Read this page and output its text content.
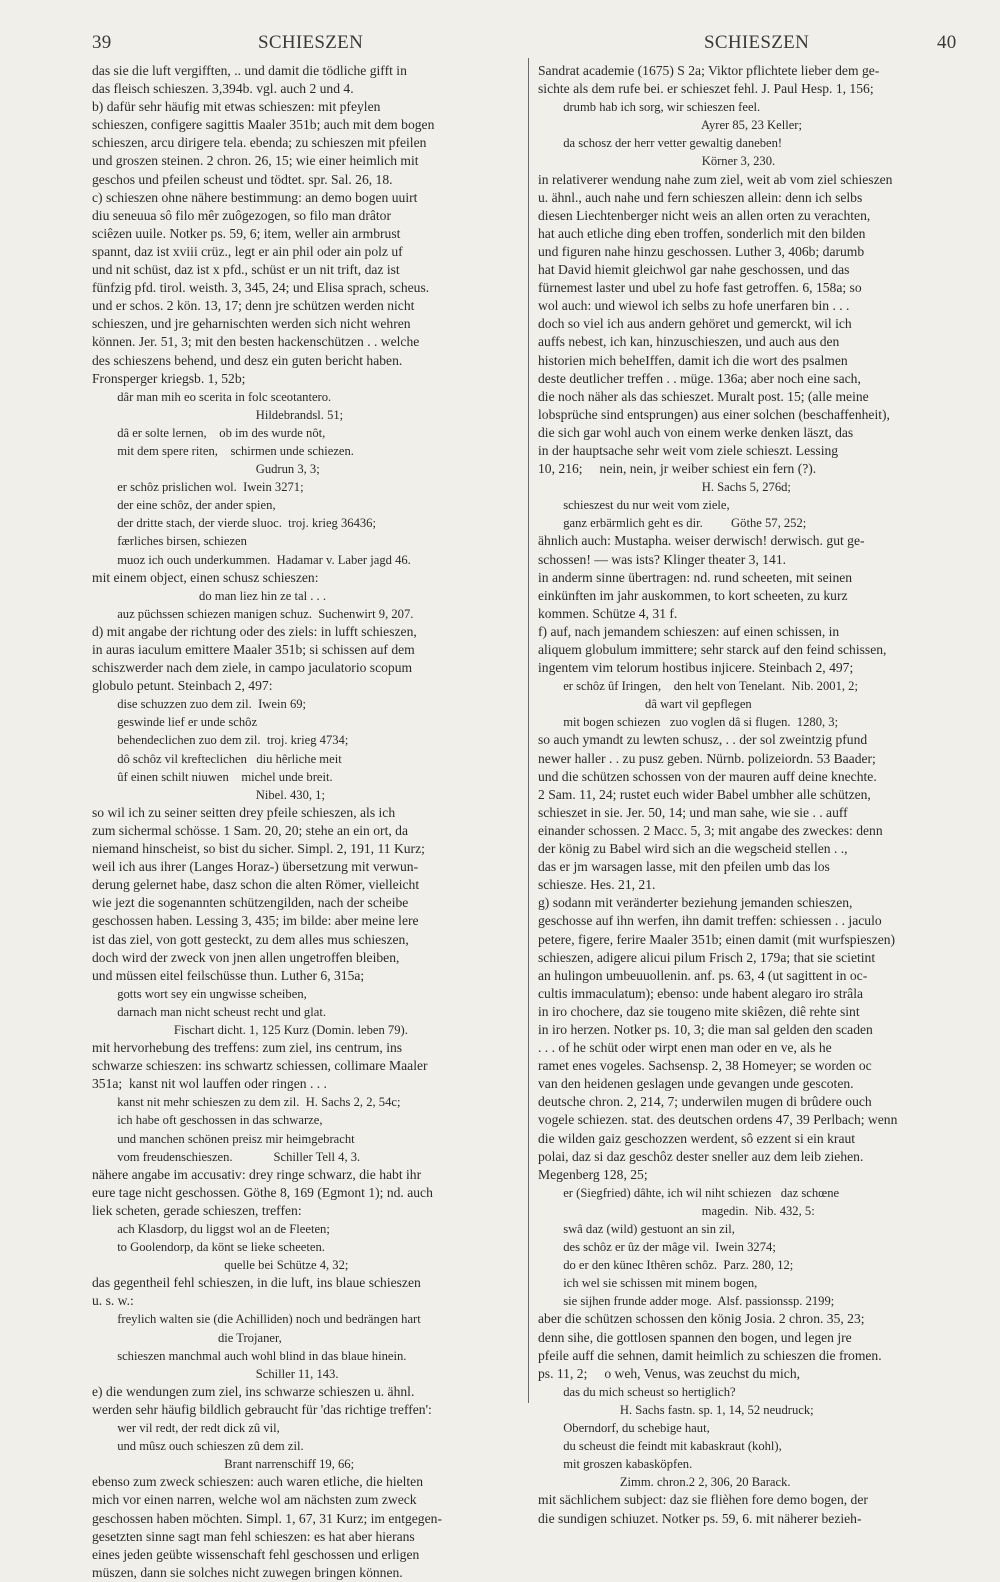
39	SCHIESZEN	SCHIESZEN	40
das sie die luft vergifften, .. und damit die tödliche gifft in
das fleisch schieszen. 3,394b. vgl. auch 2 und 4.
b) dafür sehr häufig mit etwas schieszen: mit pfeylen
schieszen, configere sagittis Maaler 351b; auch mit dem bogen
schieszen, arcu dirigere tela. ebenda; zu schieszen mit pfeilen
und groszen steinen. 2 chron. 26, 15; wie einer heimlich mit
geschos und pfeilen scheust und tödtet. spr. Sal. 26, 18.
c) schieszen ohne nähere bestimmung: an demo bogen uuirt
diu seneuua sô filo mêr zuôgezogen, so filo man drâtor
sciêzen uuile. Notker ps. 59, 6; item, weller ain armbrust
spannt, daz ist xviii crüz., legt er ain phil oder ain polz uf
und nit schüst, daz ist x pfd., schüst er un nit trift, daz ist
fünfzig pfd. tirol. weisth. 3, 345, 24; und Elisa sprach, scheus.
und er schos. 2 kön. 13, 17; denn jre schützen werden nicht
schieszen, und jre geharnischten werden sich nicht wehren
können. Jer. 51, 3; mit den besten hackenschützen . . welche
des schieszens behend, und desz ein guten bericht haben.
Fronsperger kriegsb. 1, 52b;
dâr man mih eo scerita in folc sceotantero.
Hildebrandsl. 51;
dâ er solte lernen,    ob im des wurde nôt,
mit dem spere riten,    schirmen unde schiezen.
Gudrun 3, 3;
er schôz prislichen wol.  Iwein 3271;
der eine schôz, der ander spien,
der dritte stach, der vierde sluoc.  troj. krieg 36436;
færliches birsen, schiezen
muoz ich ouch underkummen.  Hadamar v. Laber jagd 46.
mit einem object, einen schusz schieszen:
do man liez hin ze tal . . .
auz püchssen schiezen manigen schuz.  Suchenwirt 9, 207.
d) mit angabe der richtung oder des ziels: in lufft schieszen,
in auras iaculum emittere Maaler 351b; si schissen auf dem
schiszwerder nach dem ziele, in campo jaculatorio scopum
globulo petunt. Steinbach 2, 497:
dise schuzzen zuo dem zil.  Iwein 69;
geswinde lief er unde schôz
behendeclichen zuo dem zil.  troj. krieg 4734;
dô schôz vil krefteclichen   diu hêrliche meit
ûf einen schilt niuwen    michel unde breit.
Nibel. 430, 1;
so wil ich zu seiner seitten drey pfeile schieszen, als ich
zum sichermal schösse. 1 Sam. 20, 20; stehe an ein ort, da
niemand hinscheist, so bist du sicher. Simpl. 2, 191, 11 Kurz;
weil ich aus ihrer (Langes Horaz-) übersetzung mit verwun-
derung gelernet habe, dasz schon die alten Römer, vielleicht
wie jezt die sogenannten schützengilden, nach der scheibe
geschossen haben. Lessing 3, 435; im bilde: aber meine lere
ist das ziel, von gott gesteckt, zu dem alles mus schieszen,
doch wird der zweck von jnen allen ungetroffen bleiben,
und müssen eitel feilschüsse thun. Luther 6, 315a;
gotts wort sey ein ungwisse scheiben,
darnach man nicht scheust recht und glat.
Fischart dicht. 1, 125 Kurz (Domin. leben 79).
mit hervorhebung des treffens: zum ziel, ins centrum, ins
schwarze schieszen: ins schwartz schiessen, collimare Maaler
351a;  kanst nit wol lauffen oder ringen . . .
kanst nit mehr schieszen zu dem zil.  H. Sachs 2, 2, 54c;
ich habe oft geschossen in das schwarze,
und manchen schönen preisz mir heimgebracht
vom freudenschieszen.             Schiller Tell 4, 3.
nähere angabe im accusativ: drey ringe schwarz, die habt ihr
eure tage nicht geschossen. Göthe 8, 169 (Egmont 1); nd. auch
liek scheten, gerade schieszen, treffen:
ach Klasdorp, du liggst wol an de Fleeten;
to Goolendorp, da könt se lieke scheeten.
quelle bei Schütze 4, 32;
das gegentheil fehl schieszen, in die luft, ins blaue schieszen
u. s. w.:
freylich walten sie (die Achilliden) noch und bedrängen hart
die Trojaner,
schieszen manchmal auch wohl blind in das blaue hinein.
Schiller 11, 143.
e) die wendungen zum ziel, ins schwarze schieszen u. ähnl.
werden sehr häufig bildlich gebraucht für 'das richtige treffen':
wer vil redt, der redt dick zû vil,
und mûsz ouch schieszen zû dem zil.
Brant narrenschiff 19, 66;
ebenso zum zweck schieszen: auch waren etliche, die hielten
mich vor einen narren, welche wol am nächsten zum zweck
geschossen haben möchten. Simpl. 1, 67, 31 Kurz; im entgegen-
gesetzten sinne sagt man fehl schieszen: es hat aber hierans
eines jeden geübte wissenschaft fehl geschossen und erligen
müszen, dann sie solches nicht zuwegen bringen können.
Sandrat academie (1675) S 2a; Viktor pflichtete lieber dem ge-
sichte als dem rufe bei. er schieszet fehl. J. Paul Hesp. 1, 156;
drumb hab ich sorg, wir schieszen feel.
Ayrer 85, 23 Keller;
da schosz der herr vetter gewaltig daneben!
Körner 3, 230.
in relativerer wendung nahe zum ziel, weit ab vom ziel schieszen
u. ähnl., auch nahe und fern schieszen allein: denn ich selbs
diesen Liechtenberger nicht weis an allen orten zu verachten,
hat auch etliche ding eben troffen, sonderlich mit den bilden
und figuren nahe hinzu geschossen. Luther 3, 406b; darumb
hat David hiemit gleichwol gar nahe geschossen, und das
fürnemest laster und ubel zu hofe fast getroffen. 6, 158a; so
wol auch: und wiewol ich selbs zu hofe unerfaren bin . . .
doch so viel ich aus andern gehöret und gemerckt, wil ich
auffs nebest, ich kan, hinzuschieszen, und auch aus den
historien mich beheIffen, damit ich die wort des psalmen
deste deutlicher treffen . . müge. 136a; aber noch eine sach,
die noch näher als das schieszet. Muralt post. 15; (alle meine
lobsprüche sind entsprungen) aus einer solchen (beschaffenheit),
die sich gar wohl auch von einem werke denken läszt, das
in der hauptsache sehr weit vom ziele schieszt. Lessing
10, 216;     nein, nein, jr weiber schiest ein fern (?).
H. Sachs 5, 276d;
schieszest du nur weit vom ziele,
ganz erbärmlich geht es dir.         Göthe 57, 252;
ähnlich auch: Mustapha. weiser derwisch! derwisch. gut ge-
schossen! — was ists? Klinger theater 3, 141.
in anderm sinne übertragen: nd. rund scheeten, mit seinen
einkünften im jahr auskommen, to kort scheeten, zu kurz
kommen. Schütze 4, 31 f.
f) auf, nach jemandem schieszen: auf einen schissen, in
aliquem globulum immittere; sehr starck auf den feind schissen,
ingentem vim telorum hostibus injicere. Steinbach 2, 497;
er schôz ûf Iringen,    den helt von Tenelant.  Nib. 2001, 2;
dâ wart vil gepflegen
mit bogen schiezen   zuo voglen dâ si flugen.  1280, 3;
so auch ymandt zu lewten schusz, . . der sol zweintzig pfund
newer haller . . zu pusz geben. Nürnb. polizeiordn. 53 Baader;
und die schützen schossen von der mauren auff deine knechte.
2 Sam. 11, 24; rustet euch wider Babel umbher alle schützen,
schieszet in sie. Jer. 50, 14; und man sahe, wie sie . . auff
einander schossen. 2 Macc. 5, 3; mit angabe des zweckes: denn
der könig zu Babel wird sich an die wegscheid stellen . .,
das er jm warsagen lasse, mit den pfeilen umb das los
schiesze. Hes. 21, 21.
g) sodann mit veränderter beziehung jemanden schieszen,
geschosse auf ihn werfen, ihn damit treffen: schiessen . . jaculo
petere, figere, ferire Maaler 351b; einen damit (mit wurfspieszen)
schieszen, adigere alicui pilum Frisch 2, 179a; that sie scietint
an hulingon umbeuuollenin. anf. ps. 63, 4 (ut sagittent in oc-
cultis immaculatum); ebenso: unde habent alegaro iro strâla
in iro chochere, daz sie tougeno mite skiêzen, diê rehte sint
in iro herzen. Notker ps. 10, 3; die man sal gelden den scaden
. . . of he schüt oder wirpt enen man oder en ve, als he
ramet enes vogeles. Sachsensp. 2, 38 Homeyer; se worden oc
van den heidenen geslagen unde gevangen unde gescoten.
deutsche chron. 2, 214, 7; underwilen mugen di brûdere ouch
vogele schiezen. stat. des deutschen ordens 47, 39 Perlbach; wenn
die wilden gaiz geschozzen werdent, sô ezzent si ein kraut
polai, daz si daz geschôz dester sneller auz dem leib ziehen.
Megenberg 128, 25;
er (Siegfried) dâhte, ich wil niht schiezen   daz schœne
magedin.  Nib. 432, 5:
swâ daz (wild) gestuont an sin zil,
des schôz er ûz der mâge vil.  Iwein 3274;
do er den künec Ithêren schôz.  Parz. 280, 12;
ich wel sie schissen mit minem bogen,
sie sijhen frunde adder moge.  Alsf. passionssp. 2199;
aber die schützen schossen den könig Josia. 2 chron. 35, 23;
denn sihe, die gottlosen spannen den bogen, und legen jre
pfeile auff die sehnen, damit heimlich zu schieszen die fromen.
ps. 11, 2;     o weh, Venus, was zeuchst du mich,
das du mich scheust so hertiglich?
H. Sachs fastn. sp. 1, 14, 52 neudruck;
Oberndorf, du schebige haut,
du scheust die feindt mit kabaskraut (kohl),
mit groszen kabasköpfen.
Zimm. chron.2 2, 306, 20 Barack.
mit sächlichem subject: daz sie flièhen fore demo bogen, der
die sundigen schiuzet. Notker ps. 59, 6. mit näherer bezieh-
